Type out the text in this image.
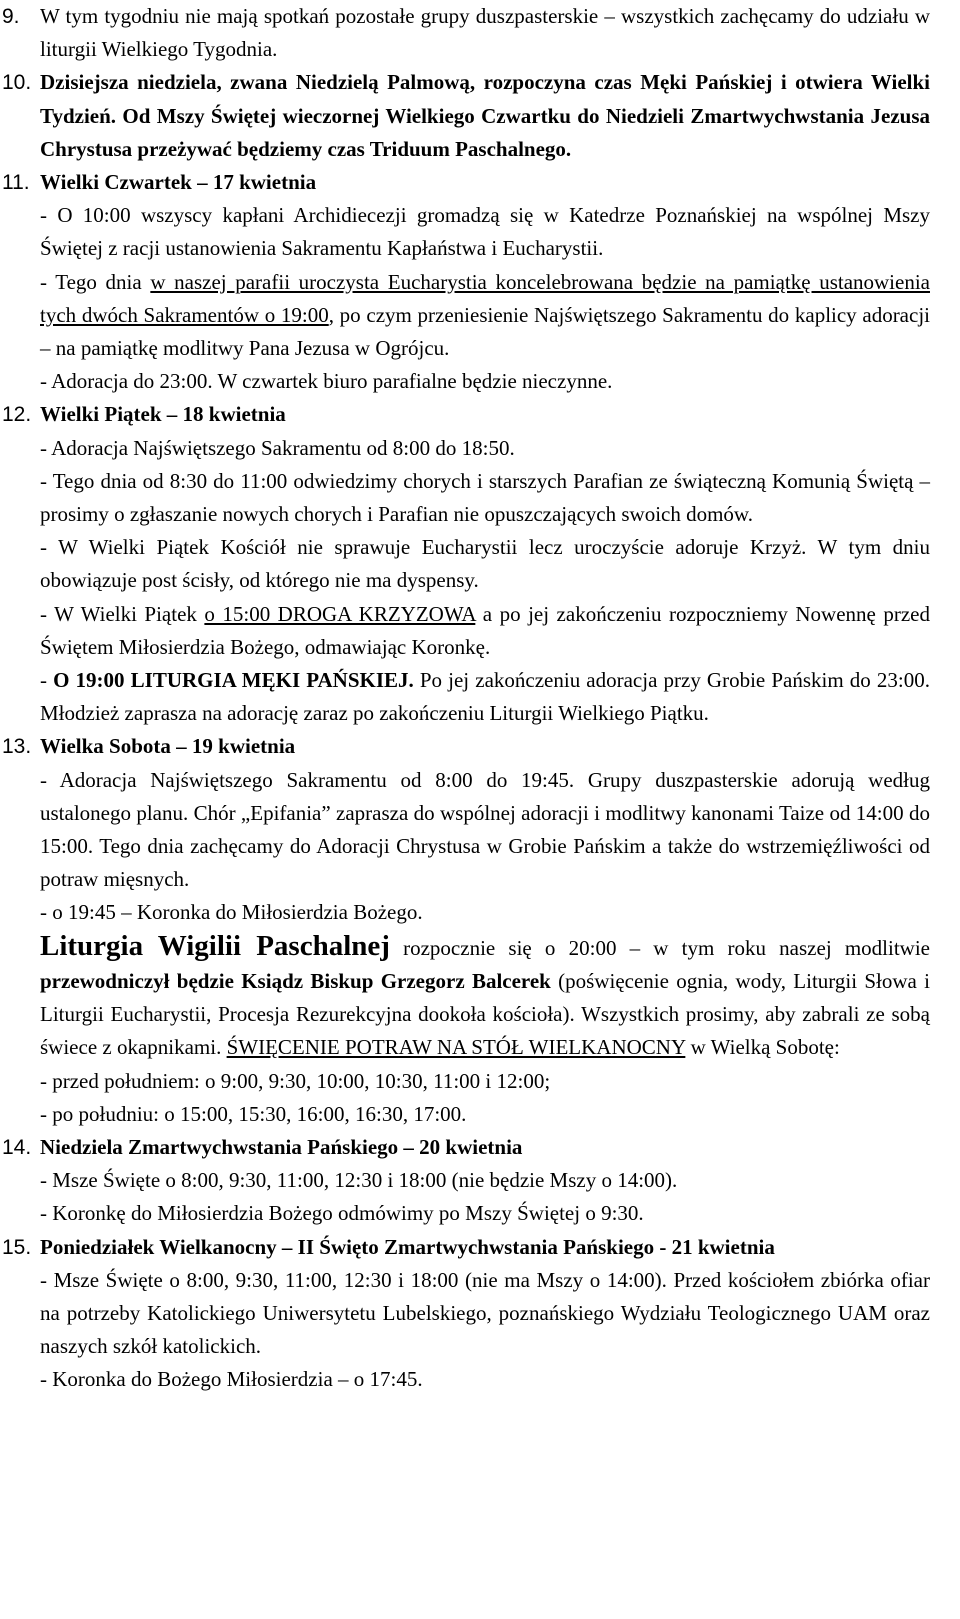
9. W tym tygodniu nie mają spotkań pozostałe grupy duszpasterskie – wszystkich zachęcamy do udziału w liturgii Wielkiego Tygodnia.

10. Dzisiejsza niedziela, zwana Niedzielą Palmową, rozpoczyna czas Męki Pańskiej i otwiera Wielki Tydzień. Od Mszy Świętej wieczornej Wielkiego Czwartku do Niedzieli Zmartwychwstania Jezusa Chrystusa przeżywać będziemy czas Triduum Paschalnego.

11. Wielki Czwartek – 17 kwietnia

- O 10:00 wszyscy kapłani Archidiecezji gromadzą się w Katedrze Poznańskiej na wspólnej Mszy Świętej z racji ustanowienia Sakramentu Kapłaństwa i Eucharystii.

- Tego dnia w naszej parafii uroczysta Eucharystia koncelebrowana będzie na pamiątkę ustanowienia tych dwóch Sakramentów o 19:00, po czym przeniesienie Najświętszego Sakramentu do kaplicy adoracji – na pamiątkę modlitwy Pana Jezusa w Ogrójcu.

- Adoracja do 23:00. W czwartek biuro parafialne będzie nieczynne.

12. Wielki Piątek – 18 kwietnia

- Adoracja Najświętszego Sakramentu od 8:00 do 18:50.

- Tego dnia od 8:30 do 11:00 odwiedzimy chorych i starszych Parafian ze świąteczną Komunią Świętą – prosimy o zgłaszanie nowych chorych i Parafian nie opuszczających swoich domów.

- W Wielki Piątek Kościół nie sprawuje Eucharystii lecz uroczyście adoruje Krzyż. W tym dniu obowiązuje post ścisły, od którego nie ma dyspensy.

- W Wielki Piątek o 15:00 DROGA KRZYZOWA a po jej zakończeniu rozpoczniemy Nowennę przed Świętem Miłosierdzia Bożego, odmawiając Koronkę.

- O 19:00 LITURGIA MĘKI PAŃSKIEJ. Po jej zakończeniu adoracja przy Grobie Pańskim do 23:00. Młodzież zaprasza na adorację zaraz po zakończeniu Liturgii Wielkiego Piątku.

13. Wielka Sobota – 19 kwietnia

- Adoracja Najświętszego Sakramentu od 8:00 do 19:45. Grupy duszpasterskie adorują według ustalonego planu. Chór „Epifania” zaprasza do wspólnej adoracji i modlitwy kanonami Taize od 14:00 do 15:00. Tego dnia zachęcamy do Adoracji Chrystusa w Grobie Pańskim a także do wstrzemięźliwości od potraw mięsnych.

- o 19:45 – Koronka do Miłosierdzia Bożego.

Liturgia Wigilii Paschalnej rozpocznie się o 20:00 – w tym roku naszej modlitwie przewodniczył będzie Ksiądz Biskup Grzegorz Balcerek (poświęcenie ognia, wody, Liturgii Słowa i Liturgii Eucharystii, Procesja Rezurekcyjna dookoła kościoła). Wszystkich prosimy, aby zabrali ze sobą świece z okapnikami. ŚWIĘCENIE POTRAW NA STÓŁ WIELKANOCNY w Wielką Sobotę:

- przed południem: o 9:00, 9:30, 10:00, 10:30, 11:00 i 12:00;

- po południu: o 15:00, 15:30, 16:00, 16:30, 17:00.

14. Niedziela Zmartwychwstania Pańskiego – 20 kwietnia

- Msze Święte o 8:00, 9:30, 11:00, 12:30 i 18:00 (nie będzie Mszy o 14:00).

- Koronkę do Miłosierdzia Bożego odmówimy po Mszy Świętej o 9:30.

15. Poniedziałek Wielkanocny – II Święto Zmartwychwstania Pańskiego - 21 kwietnia

- Msze Święte o 8:00, 9:30, 11:00, 12:30 i 18:00 (nie ma Mszy o 14:00). Przed kościołem zbiórka ofiar na potrzeby Katolickiego Uniwersytetu Lubelskiego, poznańskiego Wydziału Teologicznego UAM oraz naszych szkół katolickich.

- Koronka do Bożego Miłosierdzia – o 17:45.
